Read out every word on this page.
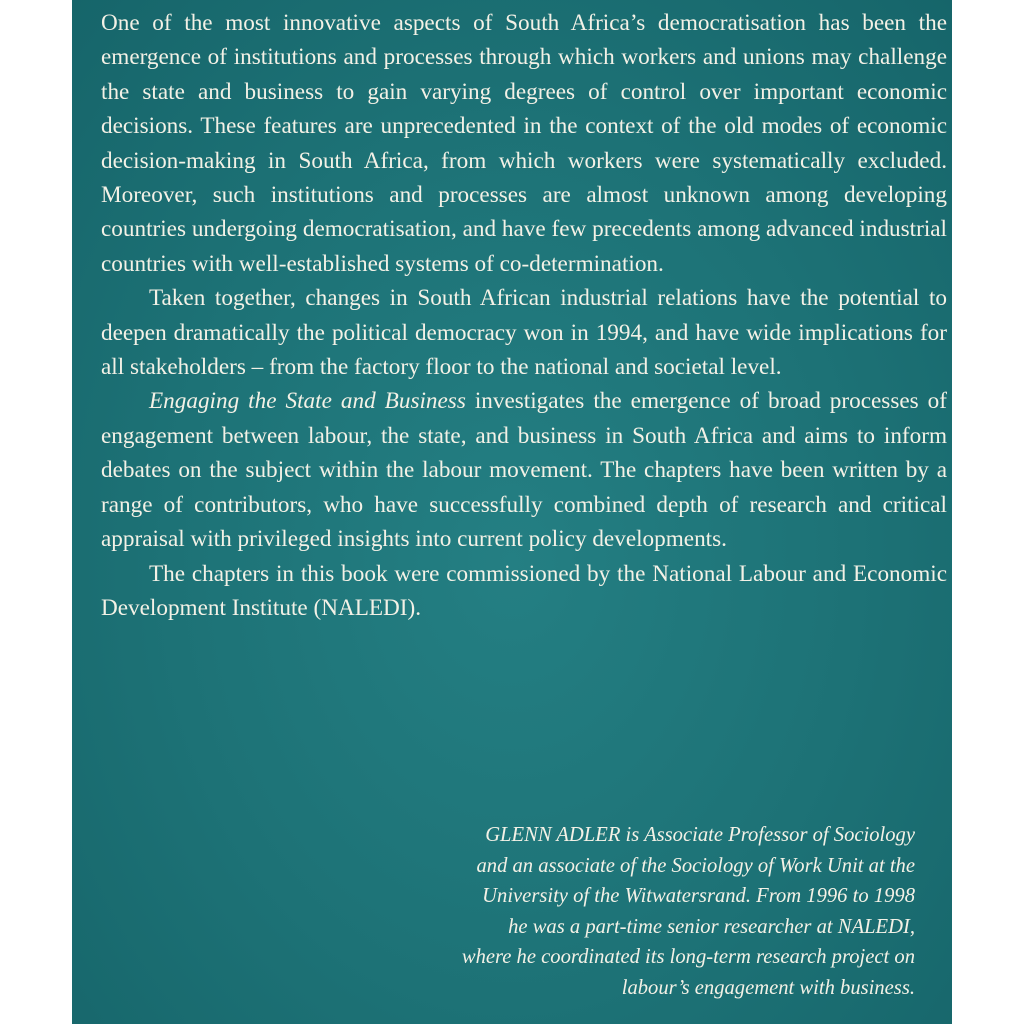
One of the most innovative aspects of South Africa’s democratisation has been the emergence of institutions and processes through which workers and unions may challenge the state and business to gain varying degrees of control over important economic decisions. These features are unprecedented in the context of the old modes of economic decision-making in South Africa, from which workers were systematically excluded. Moreover, such institutions and processes are almost unknown among developing countries undergoing democratisation, and have few precedents among advanced industrial countries with well-established systems of co-determination.

Taken together, changes in South African industrial relations have the potential to deepen dramatically the political democracy won in 1994, and have wide implications for all stakeholders – from the factory floor to the national and societal level.

Engaging the State and Business investigates the emergence of broad processes of engagement between labour, the state, and business in South Africa and aims to inform debates on the subject within the labour movement. The chapters have been written by a range of contributors, who have successfully combined depth of research and critical appraisal with privileged insights into current policy developments.

The chapters in this book were commissioned by the National Labour and Economic Development Institute (NALEDI).

GLENN ADLER is Associate Professor of Sociology
and an associate of the Sociology of Work Unit at the
University of the Witwatersrand. From 1996 to 1998
he was a part-time senior researcher at NALEDI,
where he coordinated its long-term research project on
labour’s engagement with business.
